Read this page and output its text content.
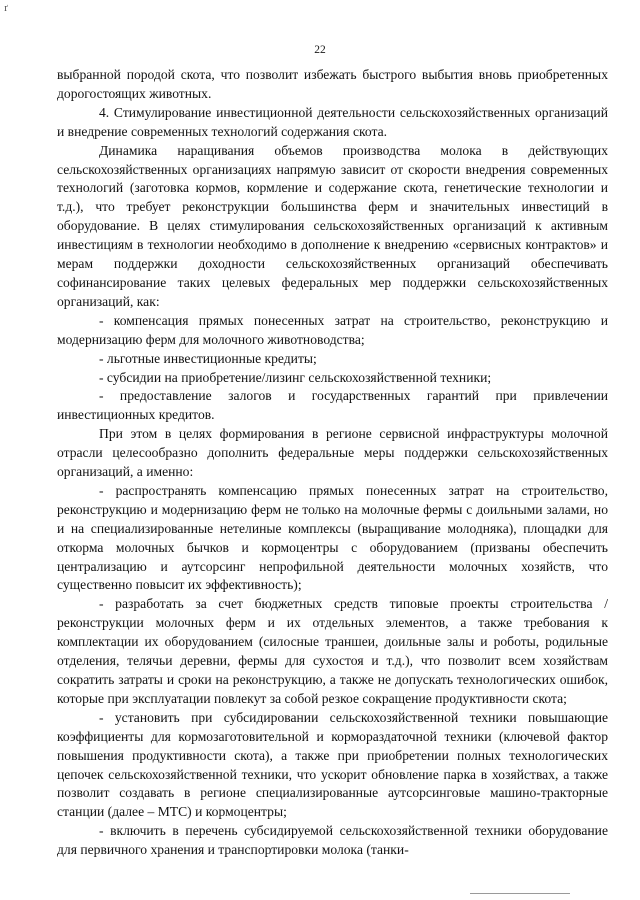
ґ
22

выбранной породой скота, что позволит избежать быстрого выбытия вновь приобретенных дорогостоящих животных.

4. Стимулирование инвестиционной деятельности сельскохозяйственных организаций и внедрение современных технологий содержания скота.

Динамика наращивания объемов производства молока в действующих сельскохозяйственных организациях напрямую зависит от скорости внедрения современных технологий (заготовка кормов, кормление и содержание скота, генетические технологии и т.д.), что требует реконструкции большинства ферм и значительных инвестиций в оборудование. В целях стимулирования сельскохозяйственных организаций к активным инвестициям в технологии необходимо в дополнение к внедрению «сервисных контрактов» и мерам поддержки доходности сельскохозяйственных организаций обеспечивать софинансирование таких целевых федеральных мер поддержки сельскохозяйственных организаций, как:

- компенсация прямых понесенных затрат на строительство, реконструкцию и модернизацию ферм для молочного животноводства;

- льготные инвестиционные кредиты;

- субсидии на приобретение/лизинг сельскохозяйственной техники;

- предоставление залогов и государственных гарантий при привлечении инвестиционных кредитов.

При этом в целях формирования в регионе сервисной инфраструктуры молочной отрасли целесообразно дополнить федеральные меры поддержки сельскохозяйственных организаций, а именно:

- распространять компенсацию прямых понесенных затрат на строительство, реконструкцию и модернизацию ферм не только на молочные фермы с доильными залами, но и на специализированные нетелиные комплексы (выращивание молодняка), площадки для откорма молочных бычков и кормоцентры с оборудованием (призваны обеспечить централизацию и аутсорсинг непрофильной деятельности молочных хозяйств, что существенно повысит их эффективность);

- разработать за счет бюджетных средств типовые проекты строительства / реконструкции молочных ферм и их отдельных элементов, а также требования к комплектации их оборудованием (силосные траншеи, доильные залы и роботы, родильные отделения, телячьи деревни, фермы для сухостоя и т.д.), что позволит всем хозяйствам сократить затраты и сроки на реконструкцию, а также не допускать технологических ошибок, которые при эксплуатации повлекут за собой резкое сокращение продуктивности скота;

- установить при субсидировании сельскохозяйственной техники повышающие коэффициенты для кормозаготовительной и кормораздаточной техники (ключевой фактор повышения продуктивности скота), а также при приобретении полных технологических цепочек сельскохозяйственной техники, что ускорит обновление парка в хозяйствах, а также позволит создавать в регионе специализированные аутсорсинговые машино-тракторные станции (далее – МТС) и кормоцентры;

- включить в перечень субсидируемой сельскохозяйственной техники оборудование для первичного хранения и транспортировки молока (танки-
